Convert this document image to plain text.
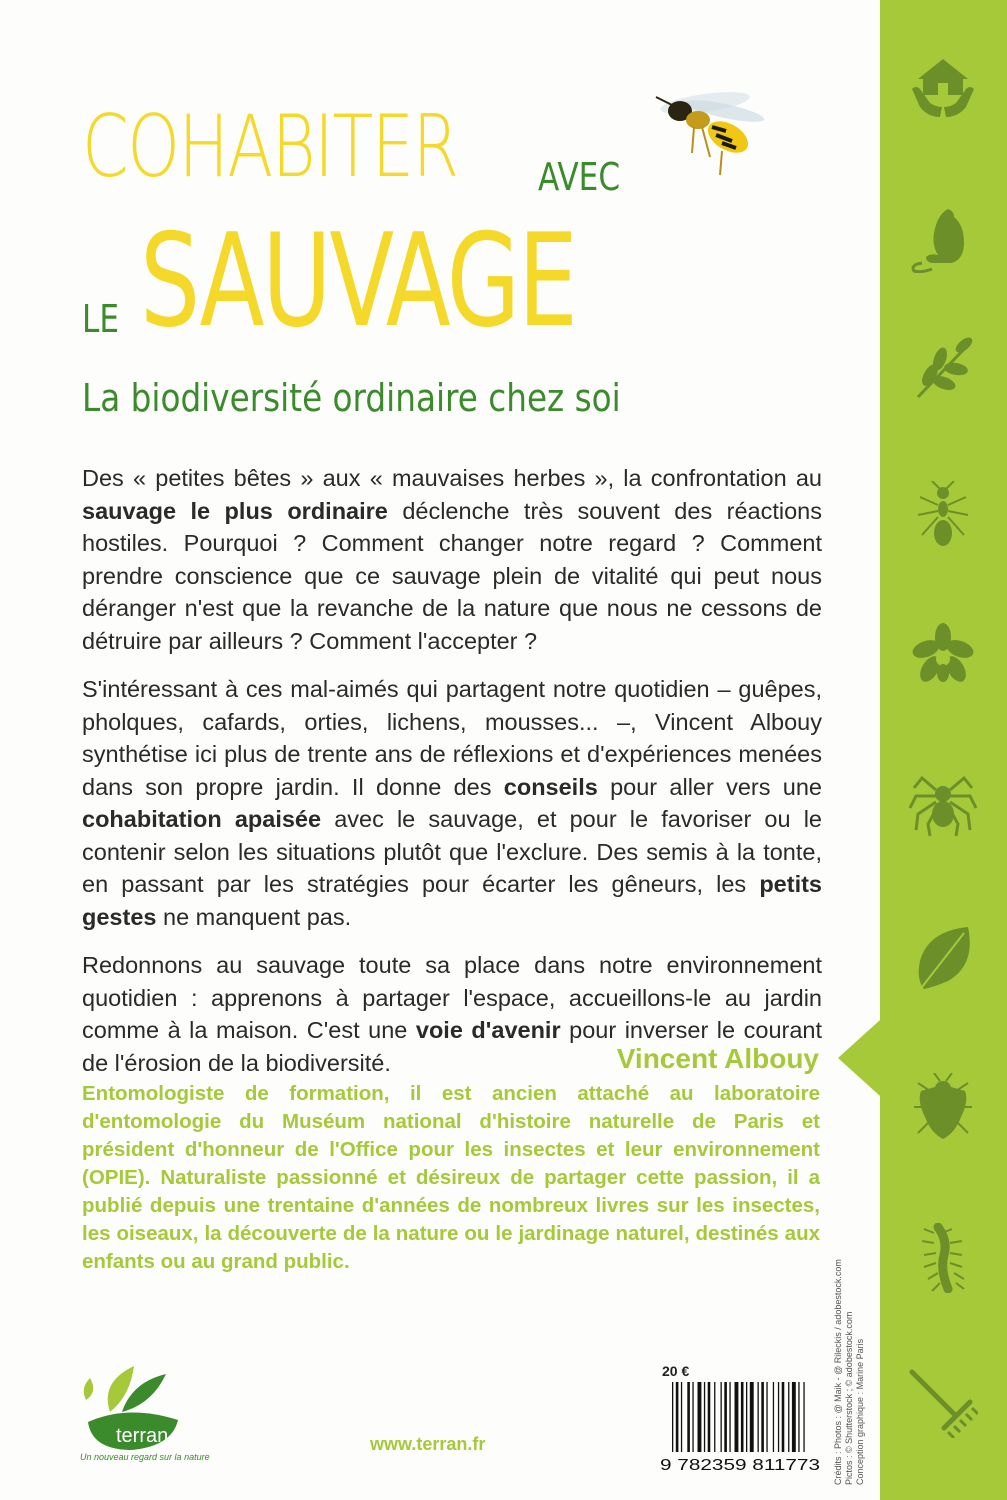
COHABITER AVEC
SAUVAGE
LE
La biodiversité ordinaire chez soi

Des « petites bêtes » aux « mauvaises herbes », la confrontation au sauvage le plus ordinaire déclenche très souvent des réactions hostiles. Pourquoi ? Comment changer notre regard ? Comment prendre conscience que ce sauvage plein de vitalité qui peut nous déranger n'est que la revanche de la nature que nous ne cessons de détruire par ailleurs ? Comment l'accepter ?

S'intéressant à ces mal-aimés qui partagent notre quotidien – guêpes, pholques, cafards, orties, lichens, mousses... –, Vincent Albouy synthétise ici plus de trente ans de réflexions et d'expériences menées dans son propre jardin. Il donne des conseils pour aller vers une cohabitation apaisée avec le sauvage, et pour le favoriser ou le contenir selon les situations plutôt que l'exclure. Des semis à la tonte, en passant par les stratégies pour écarter les gêneurs, les petits gestes ne manquent pas.

Redonnons au sauvage toute sa place dans notre environnement quotidien : apprenons à partager l'espace, accueillons-le au jardin comme à la maison. C'est une voie d'avenir pour inverser le courant de l'érosion de la biodiversité.	Vincent Albouy
Entomologiste de formation, il est ancien attaché au laboratoire d'entomologie du Muséum national d'histoire naturelle de Paris et président d'honneur de l'Office pour les insectes et leur environnement (OPIE). Naturaliste passionné et désireux de partager cette passion, il a publié depuis une trentaine d'années de nombreux livres sur les insectes, les oiseaux, la découverte de la nature ou le jardinage naturel, destinés aux enfants ou au grand public.	Crédits : Photos : @ Maik - @ Rileckis / adobestock.com Pictos : © Shutterstock ; © adobestock.com Conception graphique : Marine Paris
terran
Un nouveau regard sur la nature
www.terran.fr
20 €
9 782359 811773
